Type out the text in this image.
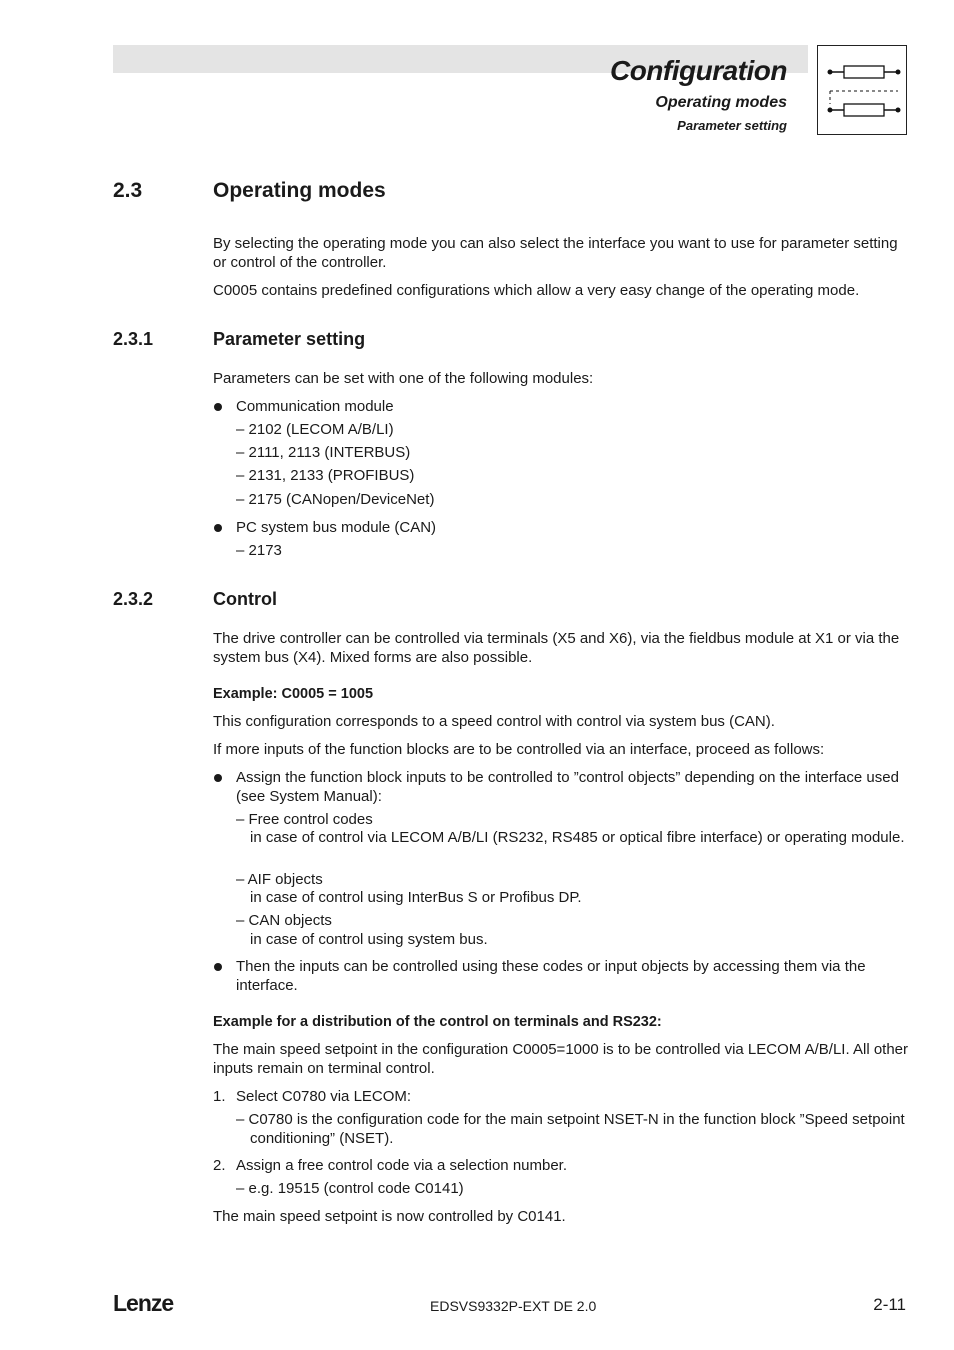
Configuration
Operating modes
Parameter setting
2.3	Operating modes
By selecting the operating mode you can also select the interface you want to use for parameter setting or control of the controller.
C0005 contains predefined configurations which allow a very easy change of the operating mode.
2.3.1	Parameter setting
Parameters can be set with one of the following modules:
Communication module
– 2102 (LECOM A/B/LI)
– 2111, 2113 (INTERBUS)
– 2131, 2133 (PROFIBUS)
– 2175 (CANopen/DeviceNet)
PC system bus module (CAN)
– 2173
2.3.2	Control
The drive controller can be controlled via terminals (X5 and X6), via the fieldbus module at X1 or via the system bus (X4). Mixed forms are also possible.
Example: C0005 = 1005
This configuration corresponds to a speed control with control via system bus (CAN).
If more inputs of the function blocks are to be controlled via an interface, proceed as follows:
Assign the function block inputs to be controlled to ”control objects” depending on the interface used (see System Manual):
– Free control codes
in case of control via LECOM A/B/LI (RS232, RS485 or optical fibre interface) or operating module.
– AIF objects
in case of control using InterBus S or Profibus DP.
– CAN objects
in case of control using system bus.
Then the inputs can be controlled using these codes or input objects by accessing them via the interface.
Example for a distribution of the control on terminals and RS232:
The main speed setpoint in the configuration C0005=1000 is to be controlled via LECOM A/B/LI. All other inputs remain on terminal control.
1. Select C0780 via LECOM:
– C0780 is the configuration code for the main setpoint NSET-N in the function block ”Speed setpoint conditioning” (NSET).
2. Assign a free control code via a selection number.
– e.g. 19515 (control code C0141)
The main speed setpoint is now controlled by C0141.
Lenze	EDSVS9332P-EXT DE 2.0	2-11
